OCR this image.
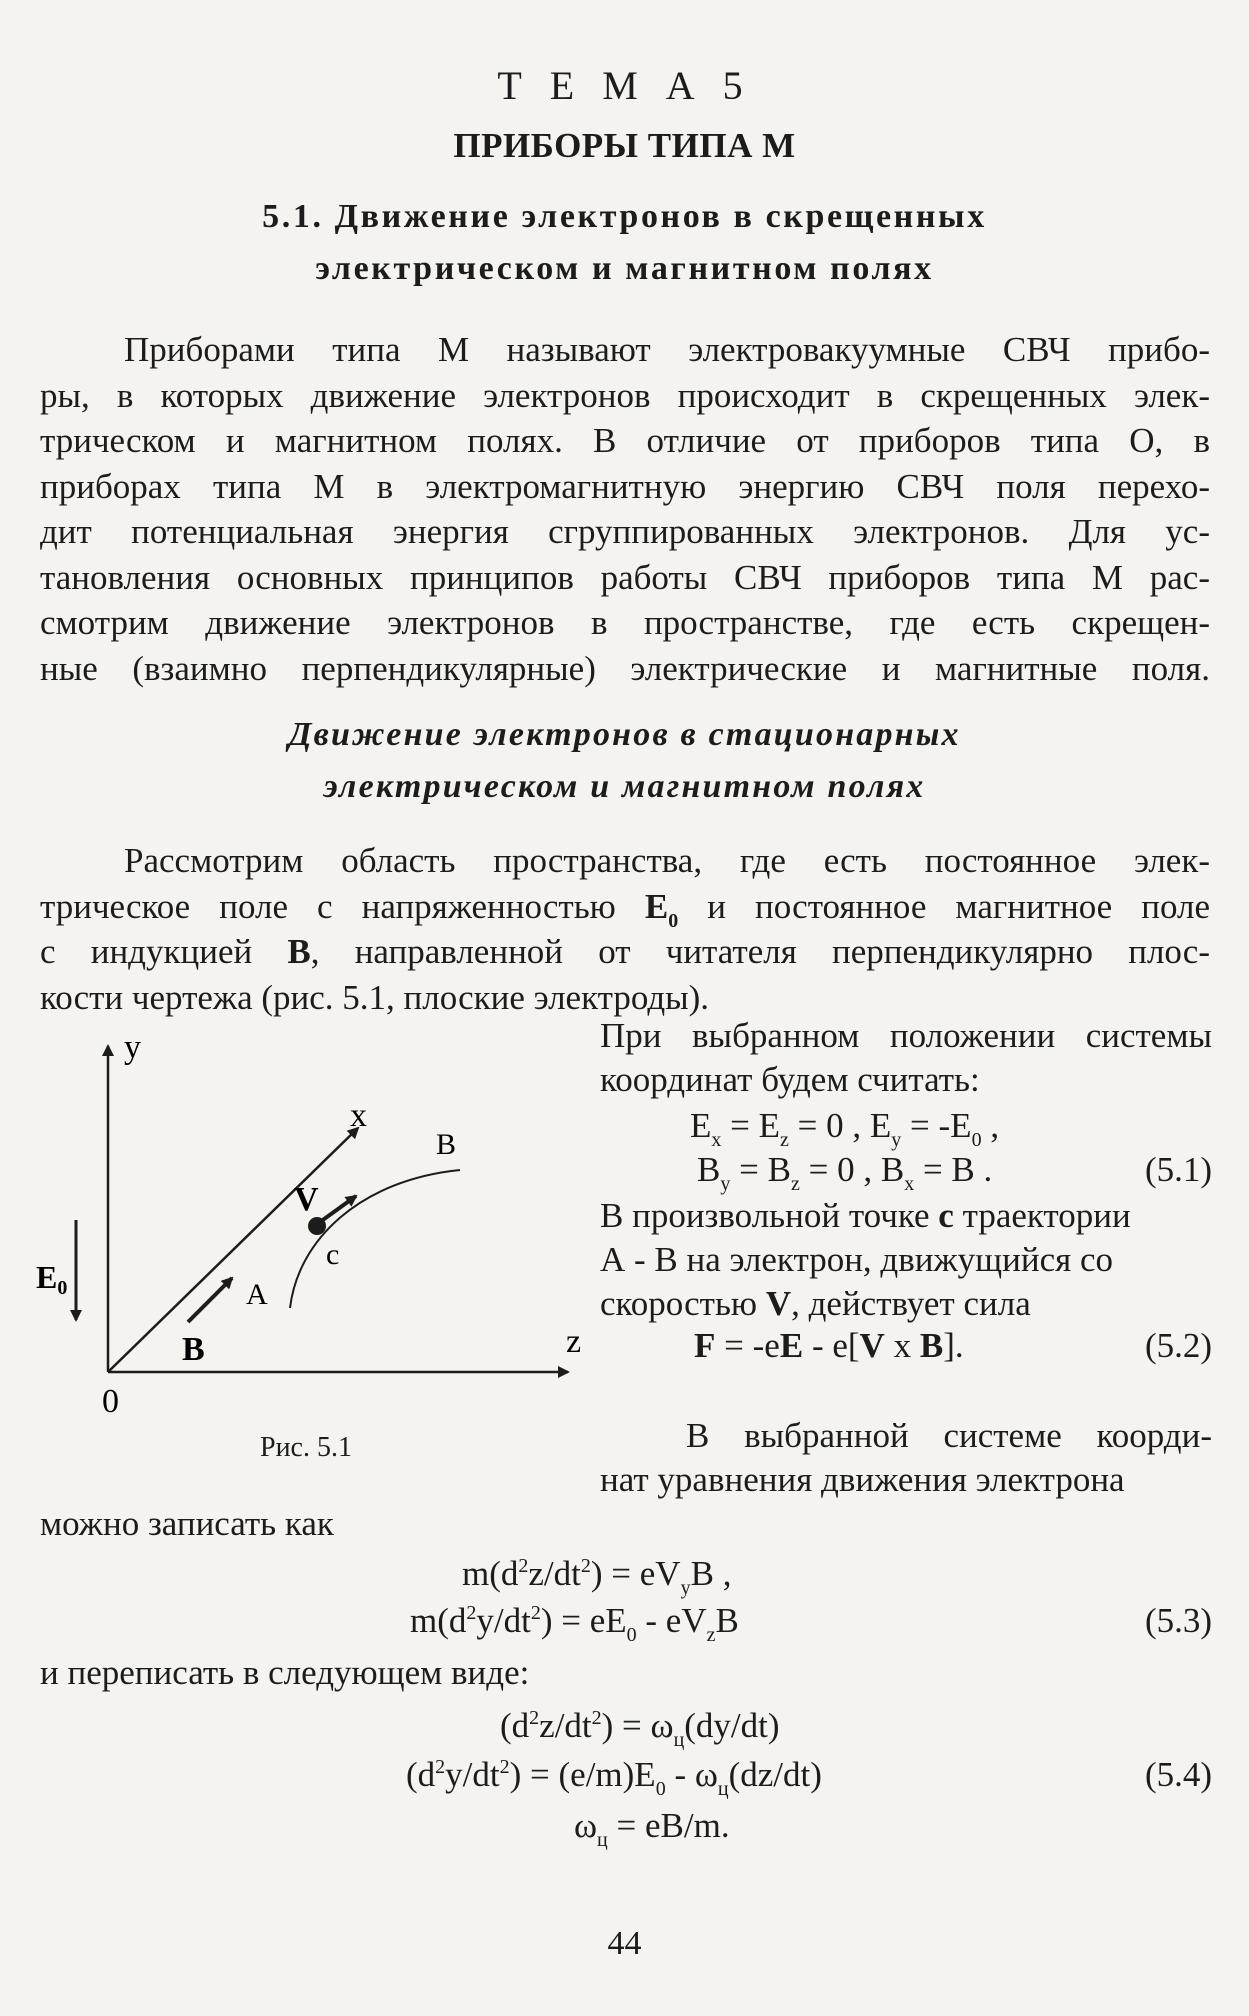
Т Е М А 5
ПРИБОРЫ ТИПА М
5.1. Движение электронов в скрещенных
электрическом и магнитном полях
Приборами типа М называют электровакуумные СВЧ прибо-
ры, в которых движение электронов происходит в скрещенных элек-
трическом и магнитном полях. В отличие от приборов типа О, в
приборах типа М в электромагнитную энергию СВЧ поля перехо-
дит потенциальная энергия сгруппированных электронов. Для ус-
тановления основных принципов работы СВЧ приборов типа М рас-
смотрим движение электронов в пространстве, где есть скрещен-
ные (взаимно перпендикулярные) электрические и магнитные поля.
Движение электронов в стационарных
электрическом и магнитном полях
Рассмотрим область пространства, где есть постоянное элек-
трическое поле с напряженностью $E_0$ и постоянное магнитное поле
с индукцией B, направленной от читателя перпендикулярно плос-
кости чертежа (рис. 5.1, плоские электроды).
y
x
z
0
B
A
c
V
B
E0
Рис. 5.1
При выбранном положении системы
координат будем считать:
$E_x = E_z = 0$ , $E_y = -E_0$ ,
$B_y = B_z = 0$ , $B_x = B$ .	(5.1)
В произвольной точке с траектории
А - В на электрон, движущийся со
скоростью V, действует сила
F = -eE - e[V x B].	(5.2)
В выбранной системе коорди-
нат уравнения движения электрона
можно записать как
$m(d^2z/dt^2) = eV_yB$ ,
$m(d^2y/dt^2) = eE_0 - eV_zB$	(5.3)
и переписать в следующем виде:
$(d^2z/dt^2) = \omega_ц(dy/dt)$
$(d^2y/dt^2) = (e/m)E_0 - \omega_ц(dz/dt)$	(5.4)
$\omega_ц = eB/m$.
44
